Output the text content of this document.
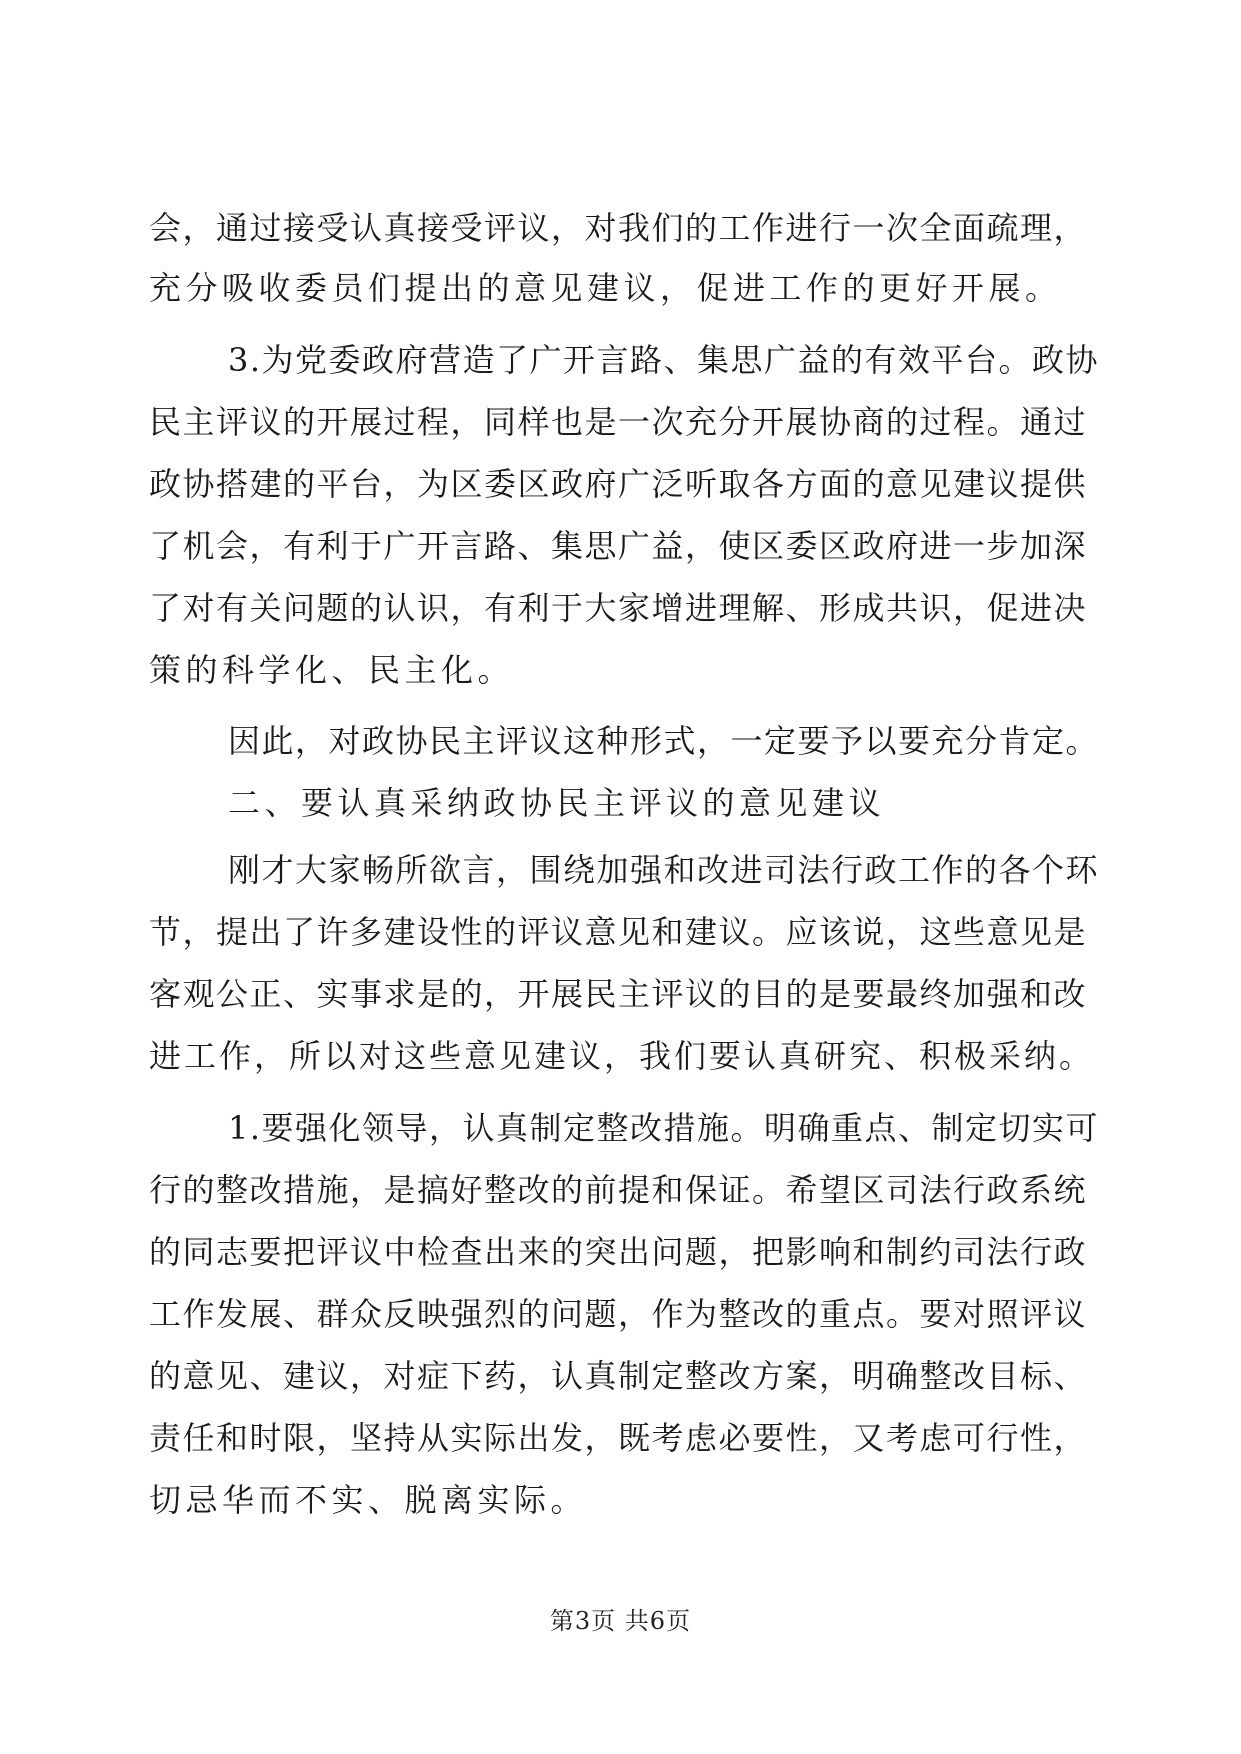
会，通过接受认真接受评议，对我们的工作进行一次全面疏理，
充分吸收委员们提出的意见建议，促进工作的更好开展。
3.为党委政府营造了广开言路、集思广益的有效平台。政协
民主评议的开展过程，同样也是一次充分开展协商的过程。通过
政协搭建的平台，为区委区政府广泛听取各方面的意见建议提供
了机会，有利于广开言路、集思广益，使区委区政府进一步加深
了对有关问题的认识，有利于大家增进理解、形成共识，促进决
策的科学化、民主化。
因此，对政协民主评议这种形式，一定要予以要充分肯定。
二、要认真采纳政协民主评议的意见建议
刚才大家畅所欲言，围绕加强和改进司法行政工作的各个环
节，提出了许多建设性的评议意见和建议。应该说，这些意见是
客观公正、实事求是的，开展民主评议的目的是要最终加强和改
进工作，所以对这些意见建议，我们要认真研究、积极采纳。
1.要强化领导，认真制定整改措施。明确重点、制定切实可
行的整改措施，是搞好整改的前提和保证。希望区司法行政系统
的同志要把评议中检查出来的突出问题，把影响和制约司法行政
工作发展、群众反映强烈的问题，作为整改的重点。要对照评议
的意见、建议，对症下药，认真制定整改方案，明确整改目标、
责任和时限，坚持从实际出发，既考虑必要性，又考虑可行性，
切忌华而不实、脱离实际。
第3页 共6页
